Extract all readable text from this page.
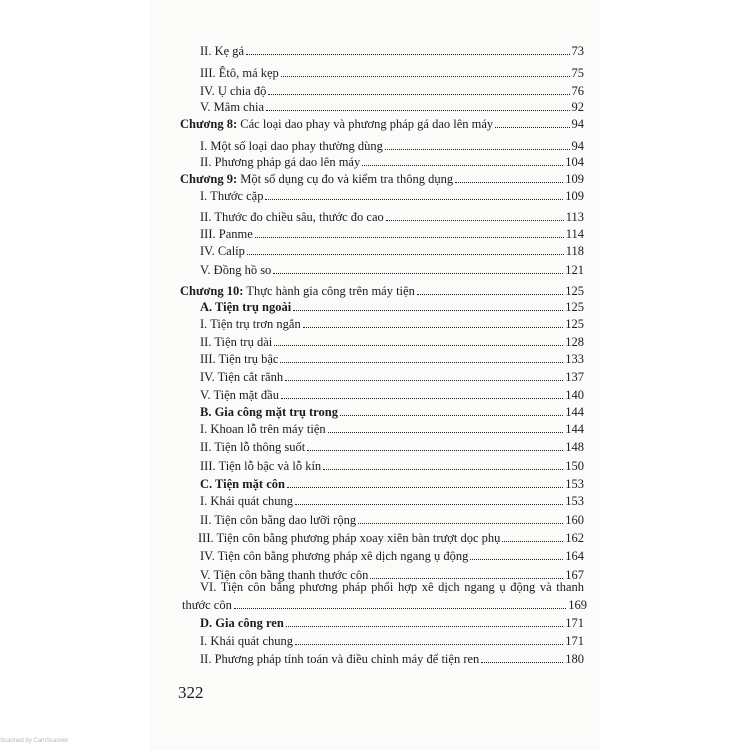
II. Kẹ gá	73
III. Êtô, má kẹp	75
IV. Ụ chia độ	76
V. Mâm chia	92
Chương 8: Các loại dao phay và phương pháp gá dao lên máy	94
I. Một số loại dao phay thường dùng	94
II. Phương pháp gá dao lên máy	104
Chương 9: Một số dụng cụ đo và kiểm tra thông dụng	109
I. Thước cặp	109
II. Thước đo chiều sâu, thước đo cao	113
III. Panme	114
IV. Calíp	118
V. Đồng hồ so	121
Chương 10: Thực hành gia công trên máy tiện	125
A. Tiện trụ ngoài	125
I. Tiện trụ trơn ngắn	125
II. Tiện trụ dài	128
III. Tiện trụ bậc	133
IV. Tiện cắt rãnh	137
V. Tiện mặt đầu	140
B. Gia công mặt trụ trong	144
I. Khoan lỗ trên máy tiện	144
II. Tiện lỗ thông suốt	148
III. Tiện lỗ bậc và lỗ kín	150
C. Tiện mặt côn	153
I. Khái quát chung	153
II. Tiện côn bằng dao lưỡi rộng	160
III. Tiện côn bằng phương pháp xoay xiên bàn trượt dọc phụ	162
IV. Tiện côn bằng phương pháp xê dịch ngang ụ động	164
V. Tiện côn bằng thanh thước côn	167
VI. Tiện côn bằng phương pháp phối hợp xê dịch ngang ụ động và thanh
thước côn	169
D. Gia công ren	171
I. Khái quát chung	171
II. Phương pháp tính toán và điều chỉnh máy để tiện ren	180
322
Scanned by CamScanner
